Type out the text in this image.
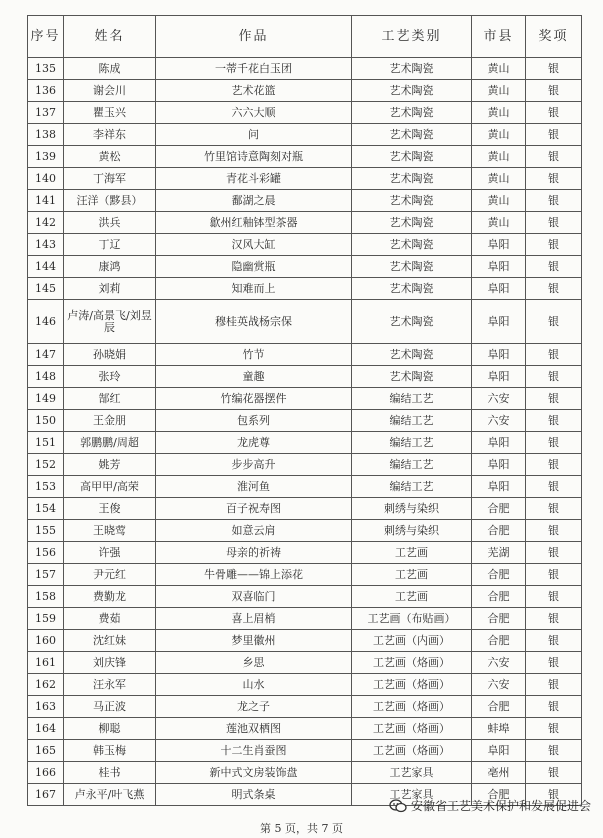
序号	姓名	作品	工艺类别	市县	奖项
135	陈成	一蒂千花白玉团	艺术陶瓷	黄山	银
136	谢会川	艺术花篮	艺术陶瓷	黄山	银
137	瞿玉兴	六六大顺	艺术陶瓷	黄山	银
138	李祥东	问	艺术陶瓷	黄山	银
139	黄松	竹里馆诗意陶刻对瓶	艺术陶瓷	黄山	银
140	丁海军	青花斗彩罐	艺术陶瓷	黄山	银
141	汪洋（黟县）	鄱湖之晨	艺术陶瓷	黄山	银
142	洪兵	歙州红釉钵型茶器	艺术陶瓷	黄山	银
143	丁辽	汉风大缸	艺术陶瓷	阜阳	银
144	康鸿	隐幽赏瓶	艺术陶瓷	阜阳	银
145	刘莉	知难而上	艺术陶瓷	阜阳	银
146	卢涛/高景飞/刘昱辰	穆桂英战杨宗保	艺术陶瓷	阜阳	银
147	孙晓娟	竹节	艺术陶瓷	阜阳	银
148	张玲	童趣	艺术陶瓷	阜阳	银
149	郜红	竹编花器摆件	编结工艺	六安	银
150	王金朋	包系列	编结工艺	六安	银
151	郭鹏鹏/周超	龙虎尊	编结工艺	阜阳	银
152	姚芳	步步高升	编结工艺	阜阳	银
153	高甲甲/高荣	淮河鱼	编结工艺	阜阳	银
154	王俊	百子祝寿图	刺绣与染织	合肥	银
155	王晓莺	如意云肩	刺绣与染织	合肥	银
156	许强	母亲的祈祷	工艺画	芜湖	银
157	尹元红	牛骨雕——锦上添花	工艺画	合肥	银
158	费勤龙	双喜临门	工艺画	合肥	银
159	费茹	喜上眉梢	工艺画（布贴画）	合肥	银
160	沈红妹	梦里徽州	工艺画（内画）	合肥	银
161	刘庆锋	乡思	工艺画（烙画）	六安	银
162	汪永军	山水	工艺画（烙画）	六安	银
163	马正波	龙之子	工艺画（烙画）	合肥	银
164	柳聪	莲池双栖图	工艺画（烙画）	蚌埠	银
165	韩玉梅	十二生肖蚕图	工艺画（烙画）	阜阳	银
166	桂书	新中式文房装饰盘	工艺家具	亳州	银
167	卢永平/叶飞燕	明式条桌	工艺家具	合肥	银
安徽省工艺美术保护和发展促进会
第 5 页，共 7 页
